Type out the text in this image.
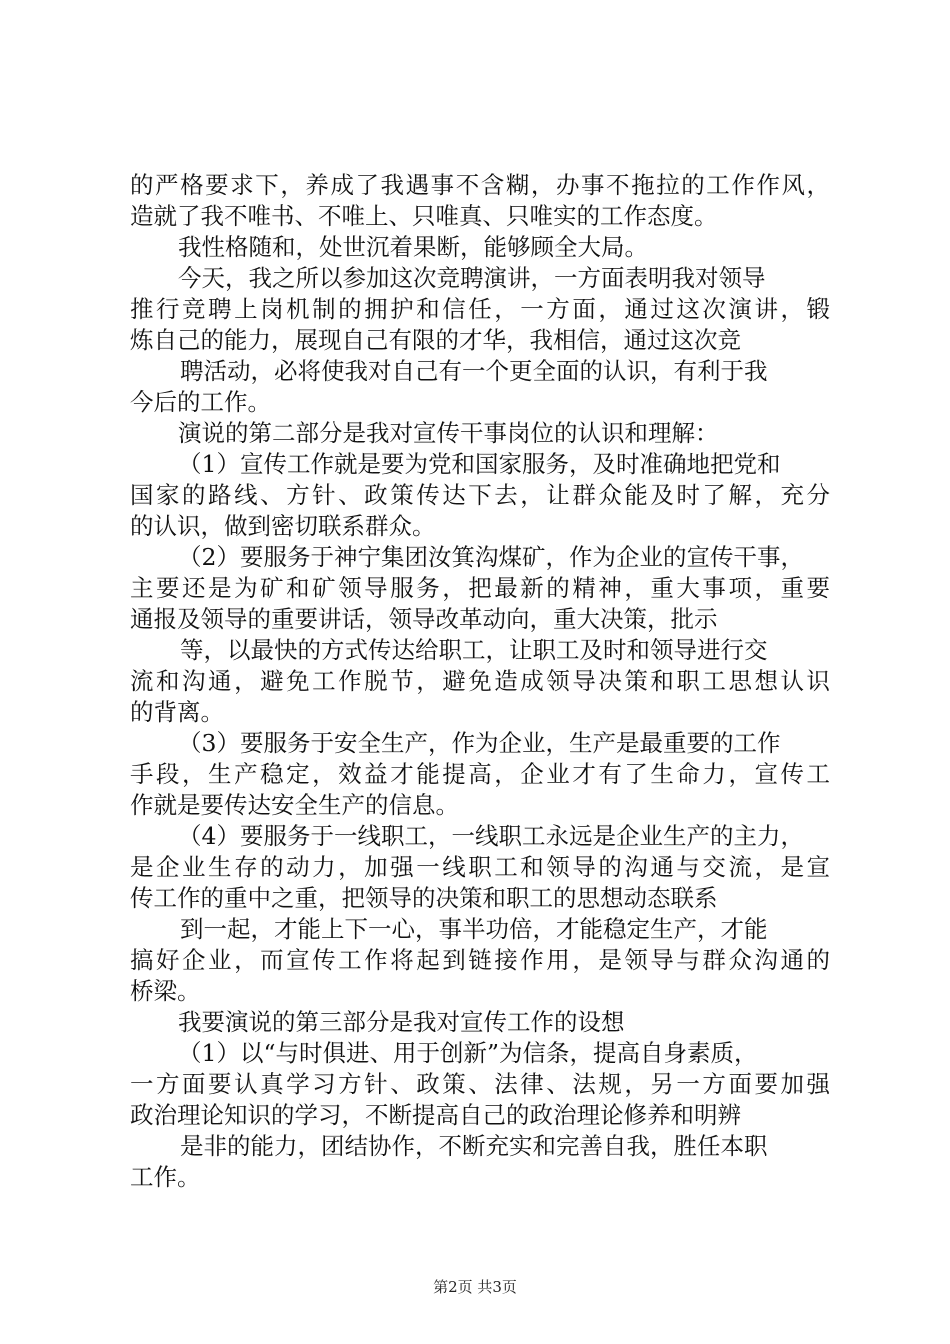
的严格要求下，养成了我遇事不含糊，办事不拖拉的工作作风，
造就了我不唯书、不唯上、只唯真、只唯实的工作态度。
我性格随和，处世沉着果断，能够顾全大局。
今天，我之所以参加这次竞聘演讲，一方面表明我对领导
推行竞聘上岗机制的拥护和信任，一方面，通过这次演讲，锻
炼自己的能力，展现自己有限的才华，我相信，通过这次竞
聘活动，必将使我对自己有一个更全面的认识，有利于我
今后的工作。
演说的第二部分是我对宣传干事岗位的认识和理解：
（1）宣传工作就是要为党和国家服务，及时准确地把党和
国家的路线、方针、政策传达下去，让群众能及时了解，充分
的认识，做到密切联系群众。
（2）要服务于神宁集团汝箕沟煤矿，作为企业的宣传干事，
主要还是为矿和矿领导服务，把最新的精神，重大事项，重要
通报及领导的重要讲话，领导改革动向，重大决策，批示
等，以最快的方式传达给职工，让职工及时和领导进行交
流和沟通，避免工作脱节，避免造成领导决策和职工思想认识
的背离。
（3）要服务于安全生产，作为企业，生产是最重要的工作
手段，生产稳定，效益才能提高，企业才有了生命力，宣传工
作就是要传达安全生产的信息。
（4）要服务于一线职工，一线职工永远是企业生产的主力，
是企业生存的动力，加强一线职工和领导的沟通与交流，是宣
传工作的重中之重，把领导的决策和职工的思想动态联系
到一起，才能上下一心，事半功倍，才能稳定生产，才能
搞好企业，而宣传工作将起到链接作用，是领导与群众沟通的
桥梁。
我要演说的第三部分是我对宣传工作的设想
（1）以“与时俱进、用于创新”为信条，提高自身素质，
一方面要认真学习方针、政策、法律、法规，另一方面要加强
政治理论知识的学习，不断提高自己的政治理论修养和明辨
是非的能力，团结协作，不断充实和完善自我，胜任本职
工作。
第2页 共3页
